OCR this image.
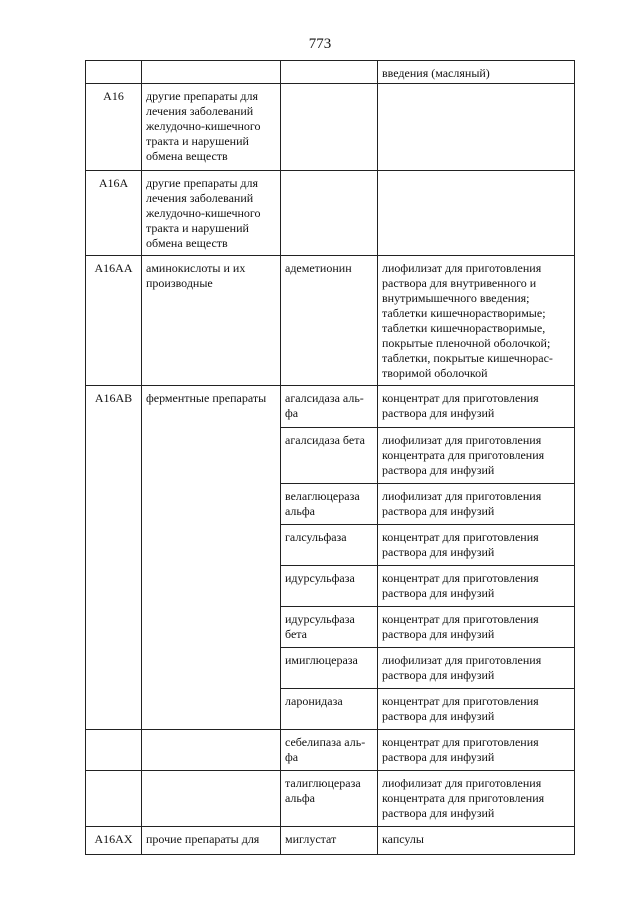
773
			введения (масляный)
A16	другие препараты для лечения заболеваний желудочно-кишечного тракта и нарушений обмена веществ		
A16A	другие препараты для лечения заболеваний желудочно-кишечного тракта и нарушений обмена веществ		
A16AA	аминокислоты и их производные	адеметионин	лиофилизат для приготовления раствора для внутривенного и внутримышечного введения; таблетки кишечнорастворимые; таблетки кишечнорастворимые, покрытые пленочной оболочкой; таблетки, покрытые кишечнорас-творимой оболочкой
A16AB	ферментные препараты	агалсидаза аль-фа	концентрат для приготовления раствора для инфузий
		агалсидаза бета	лиофилизат для приготовления концентрата для приготовления раствора для инфузий
		велаглюцераза альфа	лиофилизат для приготовления раствора для инфузий
		галсульфаза	концентрат для приготовления раствора для инфузий
		идурсульфаза	концентрат для приготовления раствора для инфузий
		идурсульфаза бета	концентрат для приготовления раствора для инфузий
		имиглюцераза	лиофилизат для приготовления раствора для инфузий
		ларонидаза	концентрат для приготовления раствора для инфузий
		себелипаза аль-фа	концентрат для приготовления раствора для инфузий
		талиглюцераза альфа	лиофилизат для приготовления концентрата для приготовления раствора для инфузий
A16AX	прочие препараты для	миглустат	капсулы
